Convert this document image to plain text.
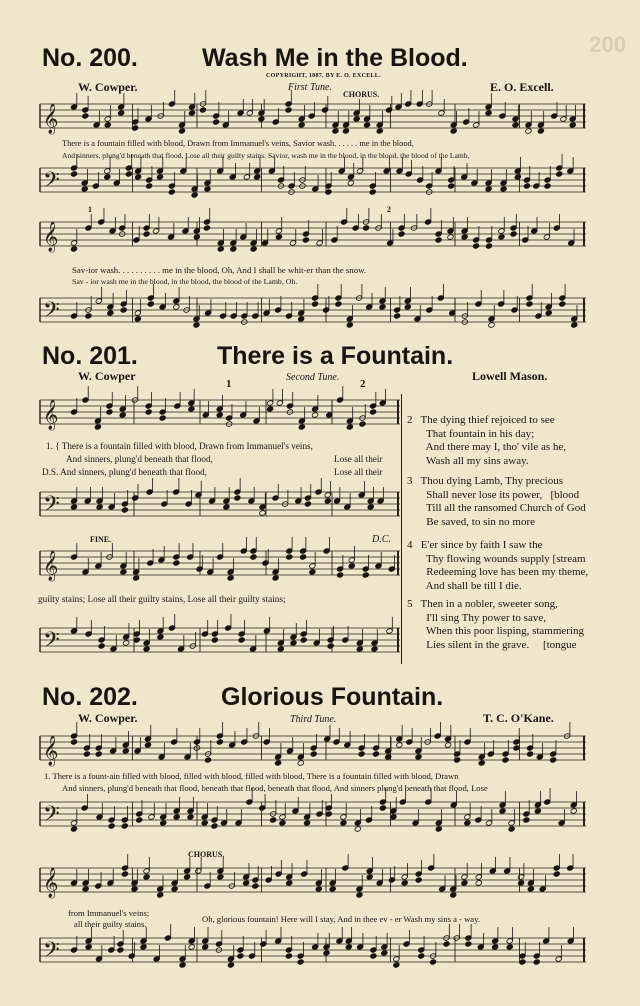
200
No. 200.	Wash Me in the Blood.
W. Cowper.
COPYRIGHT, 1887, BY E. O. EXCELL.
First Tune.
CHORUS.
E. O. Excell.
𝄞
There is a fountain filled with blood, Drawn from Immanuel's veins, Savior wash. . . . . . me in the blood,
And sinners, plung'd beneath that flood, Lose all their guilty stains. Savior, wash me in the blood, in the blood, the blood of the Lamb,
𝄢
1	2
𝄞
Sav-ior wash. . . . . . . . . . me in the blood, Oh, And I shall be whit-er than the snow.
Sav - ior wash me in the blood, in the blood, the blood of the Lamb, Oh.
𝄢
No. 201.	There is a Fountain.
W. Cowper	Second Tune.	Lowell Mason.
1	2
𝄞
1. { There is a fountain filled with blood, Drawn from Immanuel's veins,
And sinners, plung'd beneath that flood,	Lose all their
D.S. And sinners, plung'd beneath that flood,	Lose all their
𝄢
FINE.	D.C.
𝄞
guilty stains; Lose all their guilty stains, Lose all their guilty stains;
𝄢
2   The dying thief rejoiced to see
That fountain in his day;
And there may I, tho' vile as he,
Wash all my sins away.
3   Thou dying Lamb, Thy precious
Shall never lose its power,   [blood
Till all the ransomed Church of God
Be saved, to sin no more
4   E'er since by faith I saw the
Thy flowing wounds supply [stream
Redeeming love has been my theme,
And shall be till I die.
5   Then in a nobler, sweeter song,
I'll sing Thy power to save,
When this poor lisping, stammering
Lies silent in the grave.     [tongue
No. 202.	Glorious Fountain.
W. Cowper.	Third Tune.	T. C. O'Kane.
𝄞
1. There is a fount-ain filled with blood, filled with blood, filled with blood, There is a fountain filled with blood, Drawn
And sinners, plung'd beneath that flood, beneath that flood, beneath that flood, And sinners plung'd beneath that flood, Lose
𝄢
CHORUS.
𝄞
from Immanuel's veins;
all their guilty stains.	Oh, glorious fountain! Here will I stay, And in thee ev - er Wash my sins a - way.
𝄢
